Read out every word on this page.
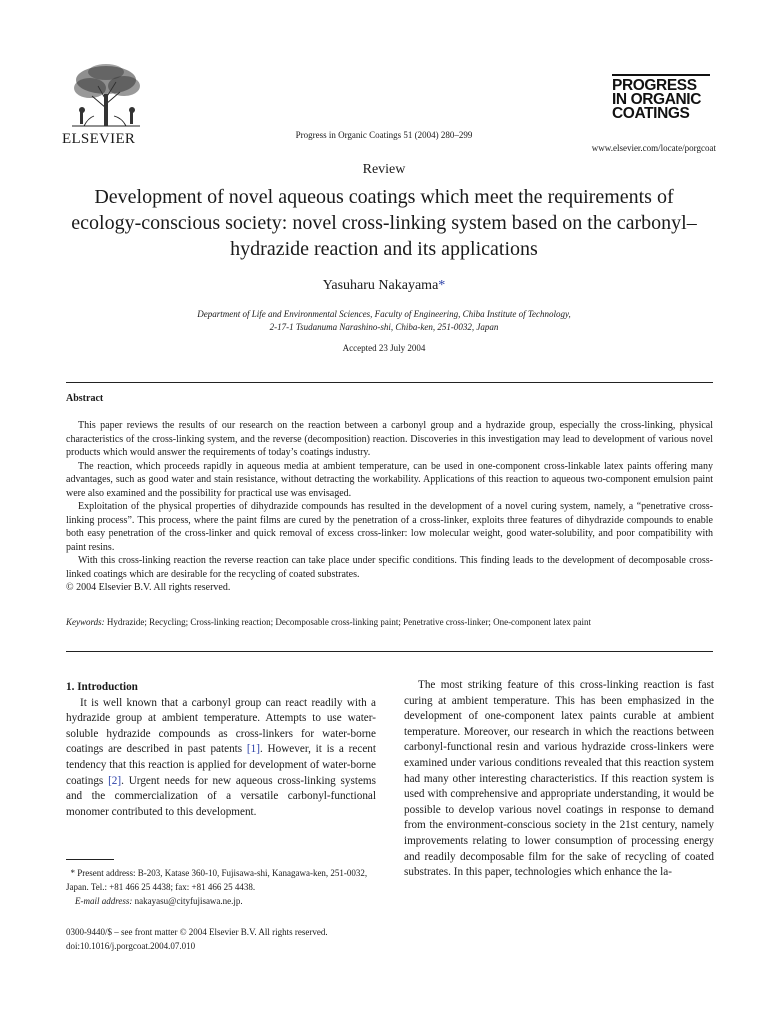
ELSEVIER	Progress in Organic Coatings 51 (2004) 280–299
PROGRESS
IN ORGANIC
COATINGS
www.elsevier.com/locate/porgcoat
Review
Development of novel aqueous coatings which meet the requirements of ecology-conscious society: novel cross-linking system based on the carbonyl–hydrazide reaction and its applications
Yasuharu Nakayama*
Department of Life and Environmental Sciences, Faculty of Engineering, Chiba Institute of Technology,
2-17-1 Tsudanuma Narashino-shi, Chiba-ken, 251-0032, Japan
Accepted 23 July 2004
Abstract

This paper reviews the results of our research on the reaction between a carbonyl group and a hydrazide group, especially the cross-linking, physical characteristics of the cross-linking system, and the reverse (decomposition) reaction. Discoveries in this investigation may lead to development of various novel products which would answer the requirements of today’s coatings industry.

The reaction, which proceeds rapidly in aqueous media at ambient temperature, can be used in one-component cross-linkable latex paints offering many advantages, such as good water and stain resistance, without detracting the workability. Applications of this reaction to aqueous two-component emulsion paint were also examined and the possibility for practical use was envisaged.

Exploitation of the physical properties of dihydrazide compounds has resulted in the development of a novel curing system, namely, a “penetrative cross-linking process”. This process, where the paint films are cured by the penetration of a cross-linker, exploits three features of dihydrazide compounds to enable both easy penetration of the cross-linker and quick removal of excess cross-linker: low molecular weight, good water-solubility, and poor compatibility with paint resins.

With this cross-linking reaction the reverse reaction can take place under specific conditions. This finding leads to the development of decomposable cross-linked coatings which are desirable for the recycling of coated substrates.

© 2004 Elsevier B.V. All rights reserved.

Keywords: Hydrazide; Recycling; Cross-linking reaction; Decomposable cross-linking paint; Penetrative cross-linker; One-component latex paint

1. Introduction

It is well known that a carbonyl group can react readily with a hydrazide group at ambient temperature. Attempts to use water-soluble hydrazide compounds as cross-linkers for water-borne coatings are described in past patents [1]. However, it is a recent tendency that this reaction is applied for development of water-borne coatings [2]. Urgent needs for new aqueous cross-linking systems and the commercialization of a versatile carbonyl-functional monomer contributed to this development.

The most striking feature of this cross-linking reaction is fast curing at ambient temperature. This has been emphasized in the development of one-component latex paints curable at ambient temperature. Moreover, our research in which the reactions between carbonyl-functional resin and various hydrazide cross-linkers were examined under various conditions revealed that this reaction system had many other interesting characteristics. If this reaction system is used with comprehensive and appropriate understanding, it would be possible to develop various novel coatings in response to demand from the environment-conscious society in the 21st century, namely improvements relating to lower consumption of processing energy and readily decomposable film for the sake of recycling of coated substrates. In this paper, technologies which enhance the la-

* Present address: B-203, Katase 360-10, Fujisawa-shi, Kanagawa-ken, 251-0032, Japan. Tel.: +81 466 25 4438; fax: +81 466 25 4438.
E-mail address: nakayasu@cityfujisawa.ne.jp.
0300-9440/$ – see front matter © 2004 Elsevier B.V. All rights reserved.
doi:10.1016/j.porgcoat.2004.07.010
